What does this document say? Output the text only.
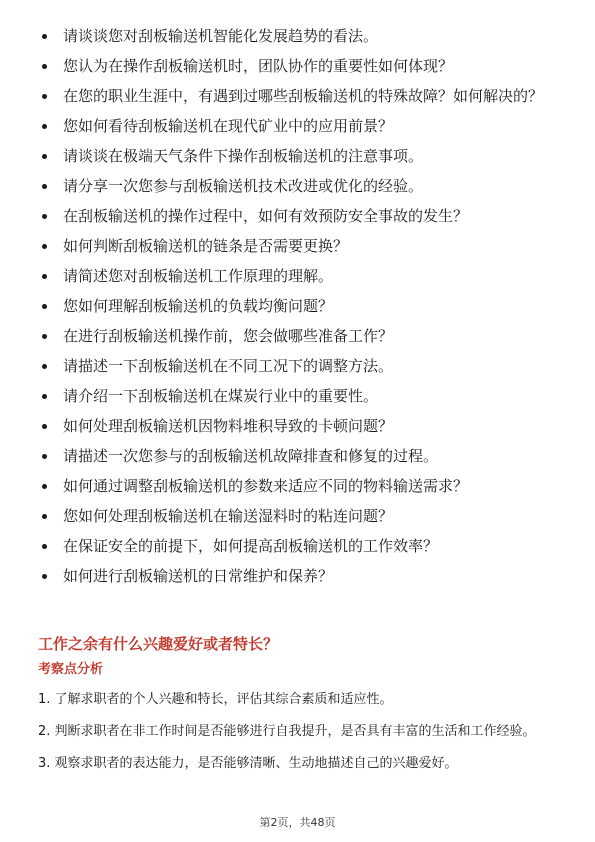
请谈谈您对刮板输送机智能化发展趋势的看法。
您认为在操作刮板输送机时，团队协作的重要性如何体现？
在您的职业生涯中，有遇到过哪些刮板输送机的特殊故障？如何解决的？
您如何看待刮板输送机在现代矿业中的应用前景？
请谈谈在极端天气条件下操作刮板输送机的注意事项。
请分享一次您参与刮板输送机技术改进或优化的经验。
在刮板输送机的操作过程中，如何有效预防安全事故的发生？
如何判断刮板输送机的链条是否需要更换？
请简述您对刮板输送机工作原理的理解。
您如何理解刮板输送机的负载均衡问题？
在进行刮板输送机操作前，您会做哪些准备工作？
请描述一下刮板输送机在不同工况下的调整方法。
请介绍一下刮板输送机在煤炭行业中的重要性。
如何处理刮板输送机因物料堆积导致的卡顿问题？
请描述一次您参与的刮板输送机故障排查和修复的过程。
如何通过调整刮板输送机的参数来适应不同的物料输送需求？
您如何处理刮板输送机在输送湿料时的粘连问题？
在保证安全的前提下，如何提高刮板输送机的工作效率？
如何进行刮板输送机的日常维护和保养？
工作之余有什么兴趣爱好或者特长？
考察点分析

1. 了解求职者的个人兴趣和特长，评估其综合素质和适应性。

2. 判断求职者在非工作时间是否能够进行自我提升，是否具有丰富的生活和工作经验。

3. 观察求职者的表达能力，是否能够清晰、生动地描述自己的兴趣爱好。

第2页，共48页
